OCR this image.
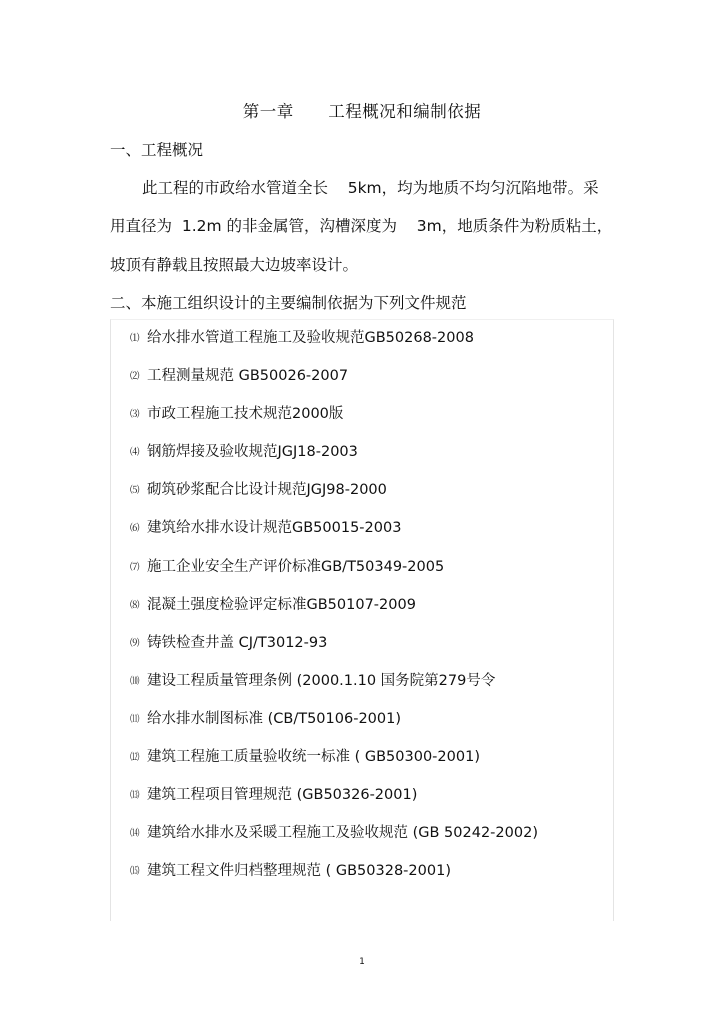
第一章      工程概况和编制依据
一、工程概况
此工程的市政给水管道全长    5km，均为地质不均匀沉陷地带。采
用直径为  1.2m 的非金属管，沟槽深度为    3m，地质条件为粉质粘土，
坡顶有静载且按照最大边坡率设计。
二、本施工组织设计的主要编制依据为下列文件规范
⑴ 给水排水管道工程施工及验收规范GB50268-2008
⑵ 工程测量规范 GB50026-2007
⑶ 市政工程施工技术规范2000版
⑷ 钢筋焊接及验收规范JGJ18-2003
⑸ 砌筑砂浆配合比设计规范JGJ98-2000
⑹ 建筑给水排水设计规范GB50015-2003
⑺ 施工企业安全生产评价标准GB/T50349-2005
⑻ 混凝土强度检验评定标准GB50107-2009
⑼ 铸铁检查井盖 CJ/T3012-93
⑽ 建设工程质量管理条例 (2000.1.10 国务院第279号令
⑾ 给水排水制图标准 (CB/T50106-2001)
⑿ 建筑工程施工质量验收统一标准 ( GB50300-2001)
⒀ 建筑工程项目管理规范 (GB50326-2001)
⒁ 建筑给水排水及采暖工程施工及验收规范 (GB 50242-2002)
⒂ 建筑工程文件归档整理规范 ( GB50328-2001)
1
